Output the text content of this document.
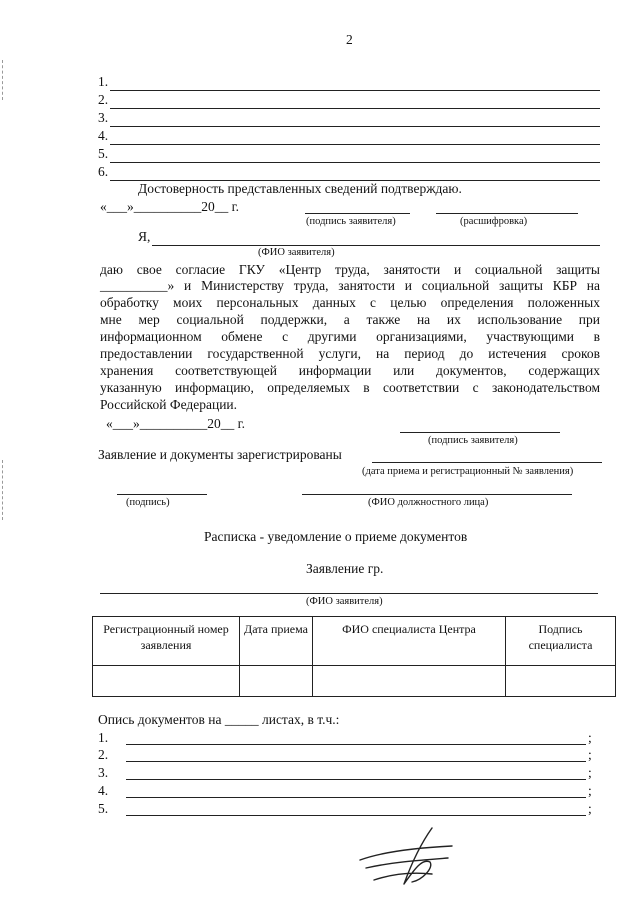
2
1.
2.
3.
4.
5.
6.
Достоверность представленных сведений подтверждаю.
«___»__________20__ г.
(подпись заявителя)	(расшифровка)
Я,
(ФИО заявителя)
даю свое согласие ГКУ «Центр труда, занятости и социальной защиты
__________» и Министерству труда, занятости и социальной защиты КБР на
обработку моих персональных данных с целью определения положенных
мне мер социальной поддержки, а также на их использование при
информационном обмене с другими организациями, участвующими в
предоставлении государственной услуги, на период до истечения сроков
хранения соответствующей информации или документов, содержащих
указанную информацию, определяемых в соответствии с законодательством
Российской Федерации.
«___»__________20__ г.
(подпись заявителя)
Заявление и документы зарегистрированы
(дата приема и регистрационный № заявления)
(подпись)	(ФИО должностного лица)
Расписка - уведомление о приеме документов
Заявление гр.
(ФИО заявителя)
Регистрационный номер заявления	Дата приема	ФИО специалиста Центра	Подпись специалиста

Опись документов на _____ листах, в т.ч.:
1.	;
2.	;
3.	;
4.	;
5.	;
